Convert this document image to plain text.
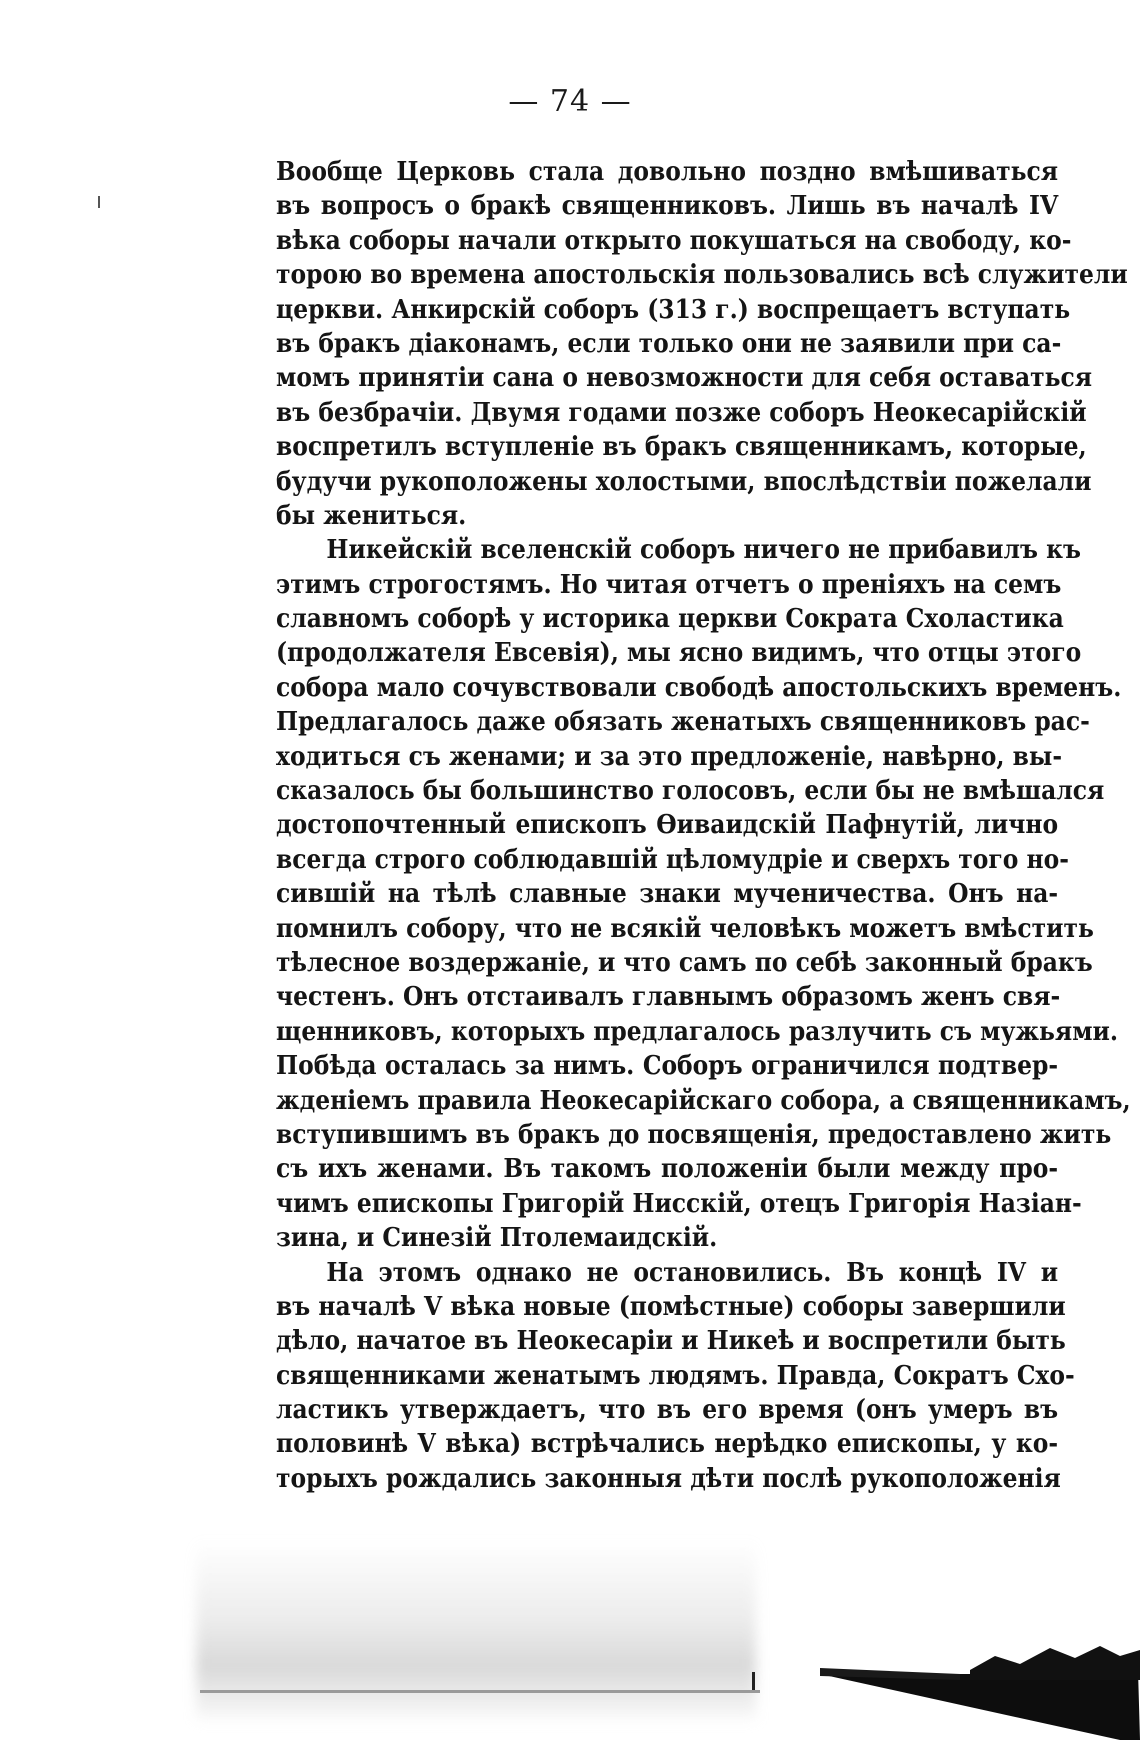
— 74 —
Вообще Церковь стала довольно поздно вмѣшиваться
въ вопросъ о бракѣ священниковъ. Лишь въ началѣ IV
вѣка соборы начали открыто покушаться на свободу, ко-
торою во времена апостольскія пользовались всѣ служители
церкви. Анкирскій соборъ (313 г.) воспрещаетъ вступать
въ бракъ діаконамъ, если только они не заявили при са-
момъ принятіи сана о невозможности для себя оставаться
въ безбрачіи. Двумя годами позже соборъ Неокесарійскій
воспретилъ вступленіе въ бракъ священникамъ, которые,
будучи рукоположены холостыми, впослѣдствіи пожелали
бы жениться.
Никейскій вселенскій соборъ ничего не прибавилъ къ
этимъ строгостямъ. Но читая отчетъ о преніяхъ на семъ
славномъ соборѣ у историка церкви Сократа Схоластика
(продолжателя Евсевія), мы ясно видимъ, что отцы этого
собора мало сочувствовали свободѣ апостольскихъ временъ.
Предлагалось даже обязать женатыхъ священниковъ рас-
ходиться съ женами; и за это предложеніе, навѣрно, вы-
сказалось бы большинство голосовъ, если бы не вмѣшался
достопочтенный епископъ Ѳиваидскій Пафнутій, лично
всегда строго соблюдавшій цѣломудріе и сверхъ того но-
сившій на тѣлѣ славные знаки мученичества. Онъ на-
помнилъ собору, что не всякій человѣкъ можетъ вмѣстить
тѣлесное воздержаніе, и что самъ по себѣ законный бракъ
честенъ. Онъ отстаивалъ главнымъ образомъ женъ свя-
щенниковъ, которыхъ предлагалось разлучить съ мужьями.
Побѣда осталась за нимъ. Соборъ ограничился подтвер-
жденіемъ правила Неокесарійскаго собора, а священникамъ,
вступившимъ въ бракъ до посвященія, предоставлено жить
съ ихъ женами. Въ такомъ положеніи были между про-
чимъ епископы Григорій Нисскій, отецъ Григорія Назіан-
зина, и Синезій Птолемаидскій.
На этомъ однако не остановились. Въ концѣ IV и
въ началѣ V вѣка новые (помѣстные) соборы завершили
дѣло, начатое въ Неокесаріи и Никеѣ и воспретили быть
священниками женатымъ людямъ. Правда, Сократъ Схо-
ластикъ утверждаетъ, что въ его время (онъ умеръ въ
половинѣ V вѣка) встрѣчались нерѣдко епископы, у ко-
торыхъ рождались законныя дѣти послѣ рукоположенія
